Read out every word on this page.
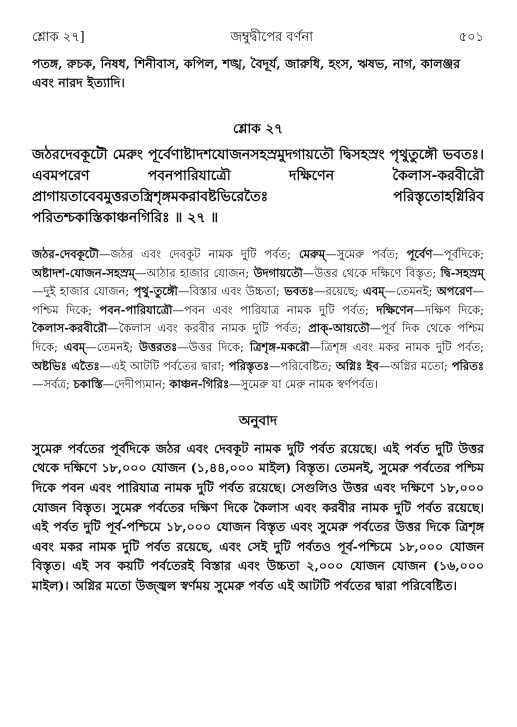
শ্লোক ২৭]	জম্বুদ্বীপের বর্ণনা	৫০১

পতঙ্গ, রুচক, নিষধ, শিনীবাস, কপিল, শঙ্খ, বৈদূর্য, জারুধি, হংস, ঋষভ, নাগ, কালঞ্জর এবং নারদ ইত্যাদি।

শ্লোক ২৭

জঠরদেবকূটৌ মেরুং পূর্বেণাষ্টাদশযোজনসহস্রমুদগায়তৌ দ্বিসহস্রং পৃথুতুঙ্গৌ ভবতঃ। এবমপরেণ পবনপারিযাত্রৌ দক্ষিণেন কৈলাস-করবীরৌ প্রাগায়তাবেবমুত্তরতস্ত্রিশৃঙ্গমকরাবষ্টভিরেতৈঃ পরিস্তৃতোহগ্নিরিব পরিতশ্চকাস্তিকাঞ্চনগিরিঃ ॥ ২৭ ॥

জঠর-দেবকূটৌ—জঠর এবং দেবকূট নামক দুটি পর্বত; মেরুম্—সুমেরু পর্বত; পূর্বেণ—পূর্বদিকে; অষ্টাদশ-যোজন-সহস্রম্—আঠার হাজার যোজন; উদগায়তৌ—উত্তর থেকে দক্ষিণে বিস্তৃত; দ্বি-সহস্রম্—দুই হাজার যোজন; পৃথু-তুঙ্গৌ—বিস্তার এবং উচ্চতা; ভবতঃ—রয়েছে; এবম্—তেমনই; অপরেণ—পশ্চিম দিকে; পবন-পারিযাত্রৌ—পবন এবং পারিযাত্র নামক দুটি পর্বত; দক্ষিণেন—দক্ষিণ দিকে; কৈলাস-করবীরৌ—কৈলাস এবং করবীর নামক দুটি পর্বত; প্রাক্-আয়তৌ—পূর্ব দিক থেকে পশ্চিম দিকে; এবম্—তেমনই; উত্তরতঃ—উত্তর দিকে; ত্রিশৃঙ্গ-মকরৌ—ত্রিশৃঙ্গ এবং মকর নামক দুটি পর্বত; অষ্টভিঃ এতৈঃ—এই আটটি পর্বতের দ্বারা; পরিস্তৃতঃ—পরিবেষ্টিত; অগ্নিঃ ইব—অগ্নির মতো; পরিতঃ—সর্বত্র; চকাস্তি—দেদীপ্যমান; কাঞ্চন-গিরিঃ—সুমেরু যা মেরু নামক স্বর্ণপর্বত।

অনুবাদ

সুমেরু পর্বতের পূর্বদিকে জঠর এবং দেবকূট নামক দুটি পর্বত রয়েছে। এই পর্বত দুটি উত্তর থেকে দক্ষিণে ১৮,০০০ যোজন (১,৪৪,০০০ মাইল) বিস্তৃত। তেমনই, সুমেরু পর্বতের পশ্চিম দিকে পবন এবং পারিযাত্র নামক দুটি পর্বত রয়েছে। সেগুলিও উত্তর এবং দক্ষিণে ১৮,০০০ যোজন বিস্তৃত। সুমেরু পর্বতের দক্ষিণ দিকে কৈলাস এবং করবীর নামক দুটি পর্বত রয়েছে। এই পর্বত দুটি পূর্ব-পশ্চিমে ১৮,০০০ যোজন বিস্তৃত এবং সুমেরু পর্বতের উত্তর দিকে ত্রিশৃঙ্গ এবং মকর নামক দুটি পর্বত রয়েছে, এবং সেই দুটি পর্বতও পূর্ব-পশ্চিমে ১৮,০০০ যোজন বিস্তৃত। এই সব কয়টি পর্বতেরই বিস্তার এবং উচ্চতা ২,০০০ যোজন যোজন (১৬,০০০ মাইল)। অগ্নির মতো উজ্জ্বল স্বর্ণময় সুমেরু পর্বত এই আটটি পর্বতের দ্বারা পরিবেষ্টিত।
